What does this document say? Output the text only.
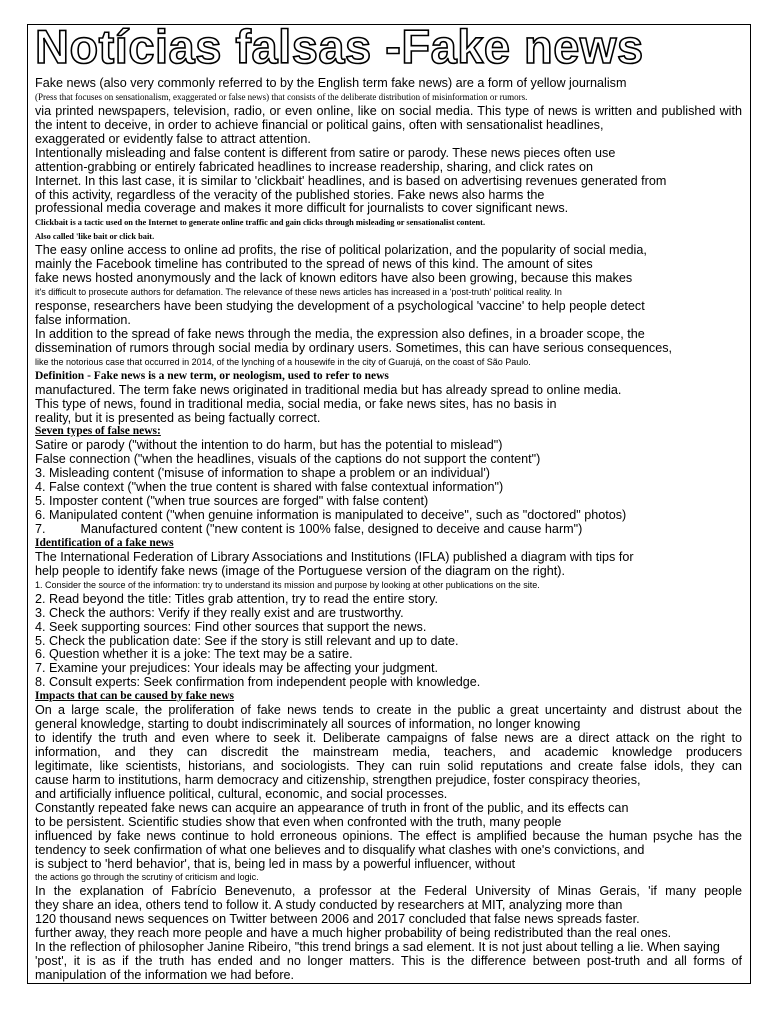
Notícias falsas -Fake news
Fake news (also very commonly referred to by the English term fake news) are a form of yellow journalism
(Press that focuses on sensationalism, exaggerated or false news) that consists of the deliberate distribution of misinformation or rumors.
via printed newspapers, television, radio, or even online, like on social media. This type of news is written and published with
the intent to deceive, in order to achieve financial or political gains, often with sensationalist headlines,
exaggerated or evidently false to attract attention.
Intentionally misleading and false content is different from satire or parody. These news pieces often use
attention-grabbing or entirely fabricated headlines to increase readership, sharing, and click rates on
Internet. In this last case, it is similar to 'clickbait' headlines, and is based on advertising revenues generated from
of this activity, regardless of the veracity of the published stories. Fake news also harms the
professional media coverage and makes it more difficult for journalists to cover significant news.
Clickbait is a tactic used on the Internet to generate online traffic and gain clicks through misleading or sensationalist content.
Also called 'like bait or click bait.
The easy online access to online ad profits, the rise of political polarization, and the popularity of social media,
mainly the Facebook timeline has contributed to the spread of news of this kind. The amount of sites
fake news hosted anonymously and the lack of known editors have also been growing, because this makes
it's difficult to prosecute authors for defamation. The relevance of these news articles has increased in a 'post-truth' political reality. In
response, researchers have been studying the development of a psychological 'vaccine' to help people detect
false information.
In addition to the spread of fake news through the media, the expression also defines, in a broader scope, the
dissemination of rumors through social media by ordinary users. Sometimes, this can have serious consequences,
like the notorious case that occurred in 2014, of the lynching of a housewife in the city of Guarujá, on the coast of São Paulo.
Definition - Fake news is a new term, or neologism, used to refer to news
manufactured. The term fake news originated in traditional media but has already spread to online media.
This type of news, found in traditional media, social media, or fake news sites, has no basis in
reality, but it is presented as being factually correct.
Seven types of false news:
Satire or parody ("without the intention to do harm, but has the potential to mislead")
False connection ("when the headlines, visuals of the captions do not support the content")
3. Misleading content ('misuse of information to shape a problem or an individual')
4. False context ("when the true content is shared with false contextual information")
5. Imposter content ("when true sources are forged" with false content)
6. Manipulated content ("when genuine information is manipulated to deceive", such as "doctored" photos)
7.          Manufactured content ("new content is 100% false, designed to deceive and cause harm")
Identification of a fake news
The International Federation of Library Associations and Institutions (IFLA) published a diagram with tips for
help people to identify fake news (image of the Portuguese version of the diagram on the right).
1. Consider the source of the information: try to understand its mission and purpose by looking at other publications on the site.
2. Read beyond the title: Titles grab attention, try to read the entire story.
3. Check the authors: Verify if they really exist and are trustworthy.
4. Seek supporting sources: Find other sources that support the news.
5. Check the publication date: See if the story is still relevant and up to date.
6. Question whether it is a joke: The text may be a satire.
7. Examine your prejudices: Your ideals may be affecting your judgment.
8. Consult experts: Seek confirmation from independent people with knowledge.
Impacts that can be caused by fake news
On a large scale, the proliferation of fake news tends to create in the public a great uncertainty and distrust about the
general knowledge, starting to doubt indiscriminately all sources of information, no longer knowing
to identify the truth and even where to seek it. Deliberate campaigns of false news are a direct attack on the right to
information, and they can discredit the mainstream media, teachers, and academic knowledge producers
legitimate, like scientists, historians, and sociologists. They can ruin solid reputations and create false idols, they can
cause harm to institutions, harm democracy and citizenship, strengthen prejudice, foster conspiracy theories,
and artificially influence political, cultural, economic, and social processes.
Constantly repeated fake news can acquire an appearance of truth in front of the public, and its effects can
to be persistent. Scientific studies show that even when confronted with the truth, many people
influenced by fake news continue to hold erroneous opinions. The effect is amplified because the human psyche has the
tendency to seek confirmation of what one believes and to disqualify what clashes with one's convictions, and
is subject to 'herd behavior', that is, being led in mass by a powerful influencer, without
the actions go through the scrutiny of criticism and logic.
In the explanation of Fabrício Benevenuto, a professor at the Federal University of Minas Gerais, 'if many people
they share an idea, others tend to follow it. A study conducted by researchers at MIT, analyzing more than
120 thousand news sequences on Twitter between 2006 and 2017 concluded that false news spreads faster.
further away, they reach more people and have a much higher probability of being redistributed than the real ones.
In the reflection of philosopher Janine Ribeiro, "this trend brings a sad element. It is not just about telling a lie. When saying
'post', it is as if the truth has ended and no longer matters. This is the difference between post-truth and all forms of
manipulation of the information we had before.
